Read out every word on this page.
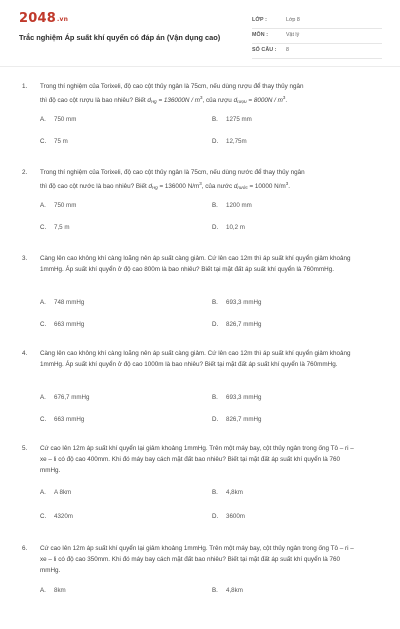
2048.vn
Trắc nghiệm Áp suất khí quyển có đáp án (Vận dụng cao)
LỚP :	Lớp 8
MÔN :	Vật lý
SỐ CÂU : 8
1. Trong thí nghiệm của Torixeli, độ cao cột thủy ngân là 75cm, nếu dùng rượu để thay thủy ngân
thì độ cao cột rượu là bao nhiêu? Biết $d_{Hg} = 136000N / m^3$, của rượu $d_{rượu} = 8000N / m^3$.
A. 750 mm	B. 1275 mm
C. 75 m	D. 12,75m
2. Trong thí nghiệm của Torixeli, độ cao cột thủy ngân là 75cm, nếu dùng nước để thay thủy ngân
thì độ cao cột nước là bao nhiêu? Biết $d_{Hg} = 136000$ $N/m^3$, của nước $d_{nước} = 10000$ $N/m^3$.
A. 750 mm	B. 1200 mm
C. 7,5 m	D. 10,2 m
3. Càng lên cao không khí càng loãng nên áp suất càng giảm. Cứ lên cao 12m thì áp suất khí quyển giảm khoảng 1mmHg. Áp suất khí quyển ở độ cao 800m là bao nhiêu? Biết tại mặt đất áp suất khí quyển là 760mmHg.
A. 748 mmHg	B. 693,3 mmHg
C. 663 mmHg	D. 826,7 mmHg
4. Càng lên cao không khí càng loãng nên áp suất càng giảm. Cứ lên cao 12m thì áp suất khí quyển giảm khoảng 1mmHg. Áp suất khí quyển ở độ cao 1000m là bao nhiêu? Biết tại mặt đất áp suất khí quyển là 760mmHg.
A. 676,7 mmHg	B. 693,3 mmHg
C. 663 mmHg	D. 826,7 mmHg
5. Cứ cao lên 12m áp suất khí quyển lại giảm khoảng 1mmHg. Trên một máy bay, cột thủy ngân trong ống Tô – ri – xe – li có độ cao 400mm. Khi đó máy bay cách mặt đất bao nhiêu? Biết tại mặt đất áp suất khí quyển là 760 mmHg.
A. A 8km	B. 4,8km
C. 4320m	D. 3600m
6. Cứ cao lên 12m áp suất khí quyển lại giảm khoảng 1mmHg. Trên một máy bay, cột thủy ngân trong ống Tô – ri – xe – li có độ cao 350mm. Khi đó máy bay cách mặt đất bao nhiêu? Biết tại mặt đất áp suất khí quyển là 760 mmHg.
A. 8km	B. 4,8km
